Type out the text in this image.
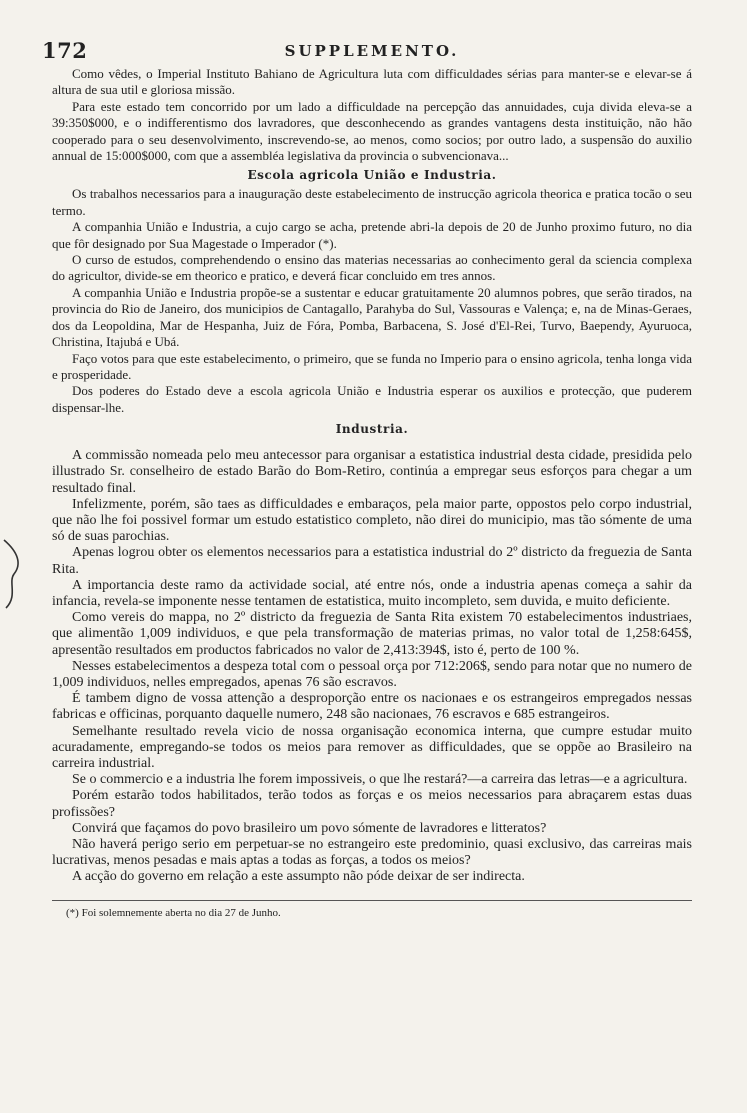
172	SUPPLEMENTO.

Como vêdes, o Imperial Instituto Bahiano de Agricultura luta com difficuldades sérias para manter-se e elevar-se á altura de sua util e gloriosa missão.

Para este estado tem concorrido por um lado a difficuldade na percepção das annuidades, cuja divida eleva-se a 39:350$000, e o indifferentismo dos lavradores, que desconhecendo as grandes vantagens desta instituição, não hão cooperado para o seu desenvolvimento, inscrevendo-se, ao menos, como socios; por outro lado, a suspensão do auxilio annual de 15:000$000, com que a assembléa legislativa da provincia o subvencionava...

Escola agricola União e Industria.

Os trabalhos necessarios para a inauguração deste estabelecimento de instrucção agricola theorica e pratica tocão o seu termo.

A companhia União e Industria, a cujo cargo se acha, pretende abri-la depois de 20 de Junho proximo futuro, no dia que fôr designado por Sua Magestade o Imperador (*).

O curso de estudos, comprehendendo o ensino das materias necessarias ao conhecimento geral da sciencia complexa do agricultor, divide-se em theorico e pratico, e deverá ficar concluido em tres annos.

A companhia União e Industria propõe-se a sustentar e educar gratuitamente 20 alumnos pobres, que serão tirados, na provincia do Rio de Janeiro, dos municipios de Cantagallo, Parahyba do Sul, Vassouras e Valença; e, na de Minas-Geraes, dos da Leopoldina, Mar de Hespanha, Juiz de Fóra, Pomba, Barbacena, S. José d'El-Rei, Turvo, Baependy, Ayuruoca, Christina, Itajubá e Ubá.

Faço votos para que este estabelecimento, o primeiro, que se funda no Imperio para o ensino agricola, tenha longa vida e prosperidade.

Dos poderes do Estado deve a escola agricola União e Industria esperar os auxilios e protecção, que puderem dispensar-lhe.

Industria.

A commissão nomeada pelo meu antecessor para organisar a estatistica industrial desta cidade, presidida pelo illustrado Sr. conselheiro de estado Barão do Bom-Retiro, continúa a empregar seus esforços para chegar a um resultado final.

Infelizmente, porém, são taes as difficuldades e embaraços, pela maior parte, oppostos pelo corpo industrial, que não lhe foi possivel formar um estudo estatistico completo, não direi do municipio, mas tão sómente de uma só de suas parochias.

Apenas logrou obter os elementos necessarios para a estatistica industrial do 2º districto da freguezia de Santa Rita.

A importancia deste ramo da actividade social, até entre nós, onde a industria apenas começa a sahir da infancia, revela-se imponente nesse tentamen de estatistica, muito incompleto, sem duvida, e muito deficiente.

Como vereis do mappa, no 2º districto da freguezia de Santa Rita existem 70 estabelecimentos industriaes, que alimentão 1,009 individuos, e que pela transformação de materias primas, no valor total de 1,258:645$, apresentão resultados em productos fabricados no valor de 2,413:394$, isto é, perto de 100 %.

Nesses estabelecimentos a despeza total com o pessoal orça por 712:206$, sendo para notar que no numero de 1,009 individuos, nelles empregados, apenas 76 são escravos.

É tambem digno de vossa attenção a desproporção entre os nacionaes e os estrangeiros empregados nessas fabricas e officinas, porquanto daquelle numero, 248 são nacionaes, 76 escravos e 685 estrangeiros.

Semelhante resultado revela vicio de nossa organisação economica interna, que cumpre estudar muito acuradamente, empregando-se todos os meios para remover as difficuldades, que se oppõe ao Brasileiro na carreira industrial.

Se o commercio e a industria lhe forem impossiveis, o que lhe restará?—a carreira das letras—e a agricultura.

Porém estarão todos habilitados, terão todos as forças e os meios necessarios para abraçarem estas duas profissões?

Convirá que façamos do povo brasileiro um povo sómente de lavradores e litteratos?

Não haverá perigo serio em perpetuar-se no estrangeiro este predominio, quasi exclusivo, das carreiras mais lucrativas, menos pesadas e mais aptas a todas as forças, a todos os meios?

A acção do governo em relação a este assumpto não póde deixar de ser indirecta.

(*) Foi solemnemente aberta no dia 27 de Junho.
